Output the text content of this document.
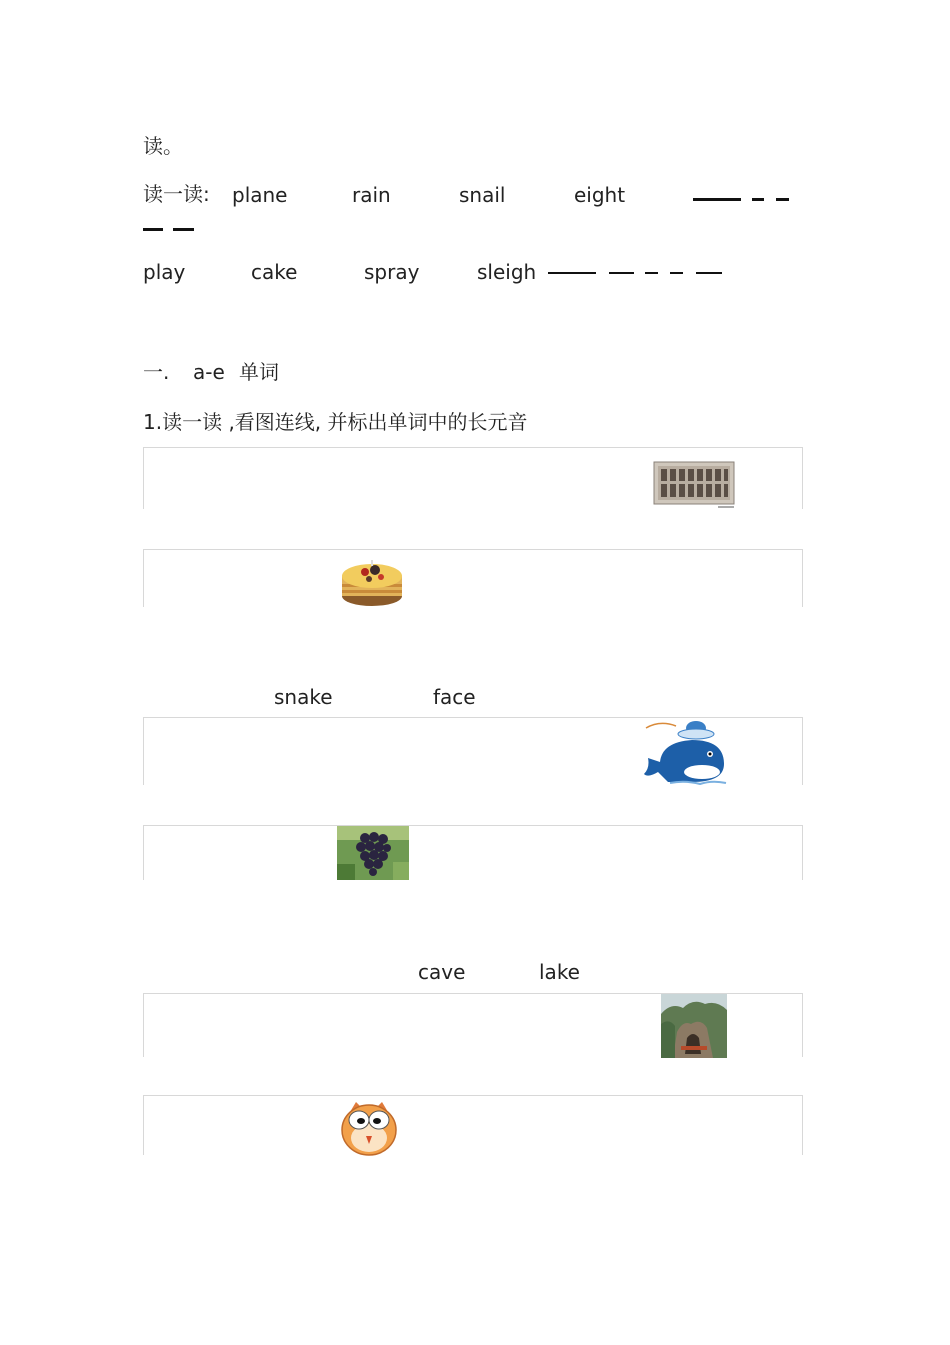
读。
读一读: plane	rain	snail	eight
play	cake	spray	sleigh
一. a-e 单词
1.读一读 ,看图连线, 并标出单词中的长元音
snake	face
cave	lake
